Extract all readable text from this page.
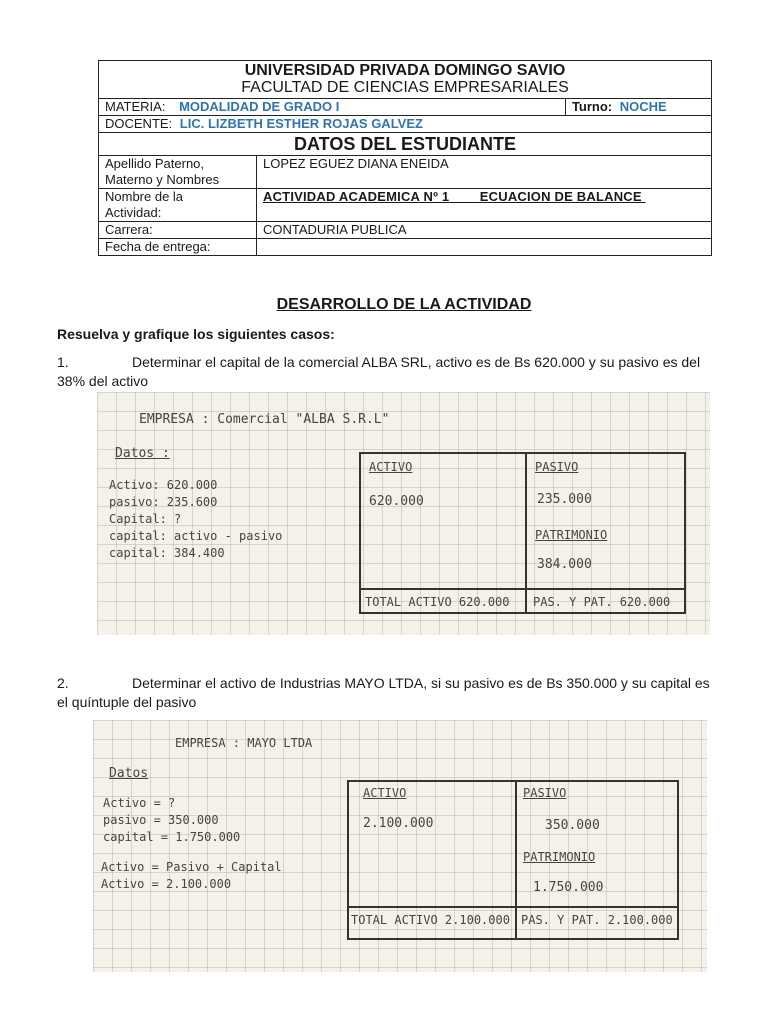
UNIVERSIDAD PRIVADA DOMINGO SAVIO		
FACULTAD DE CIENCIAS EMPRESARIALES		
MATERIA: MODALIDAD DE GRADO I		Turno: NOCHE
DOCENTE: LIC. LIZBETH ESTHER ROJAS GALVEZ		
DATOS DEL ESTUDIANTE		
Apellido Paterno,
Materno y Nombres	LOPEZ EGUEZ DIANA ENEIDA	
Nombre de la
Actividad:	ACTIVIDAD ACADEMICA Nº 1 ECUACION DE BALANCE	
Carrera:	CONTADURIA PUBLICA	
Fecha de entrega:		
DESARROLLO DE LA ACTIVIDAD
Resuelva y grafique los siguientes casos:
1.	Determinar el capital de la comercial ALBA SRL, activo es de Bs 620.000 y su pasivo es del
38% del activo
EMPRESA : Comercial "ALBA S.R.L"
Datos :
Activo: 620.000
pasivo: 235.600
Capital: ?
capital: activo - pasivo
capital: 384.400
ACTIVO	PASIVO
620.000	235.000
PATRIMONIO
384.000
TOTAL ACTIVO 620.000 PAS. Y PAT. 620.000
2.	Determinar el activo de Industrias MAYO LTDA, si su pasivo es de Bs 350.000 y su capital es
el quíntuple del pasivo
EMPRESA : MAYO LTDA
Datos
Activo = ?
pasivo = 350.000
capital = 1.750.000
Activo = Pasivo + Capital
Activo = 2.100.000
ACTIVO	PASIVO
2.100.000	350.000
PATRIMONIO
1.750.000
TOTAL ACTIVO 2.100.000 PAS. Y PAT. 2.100.000
